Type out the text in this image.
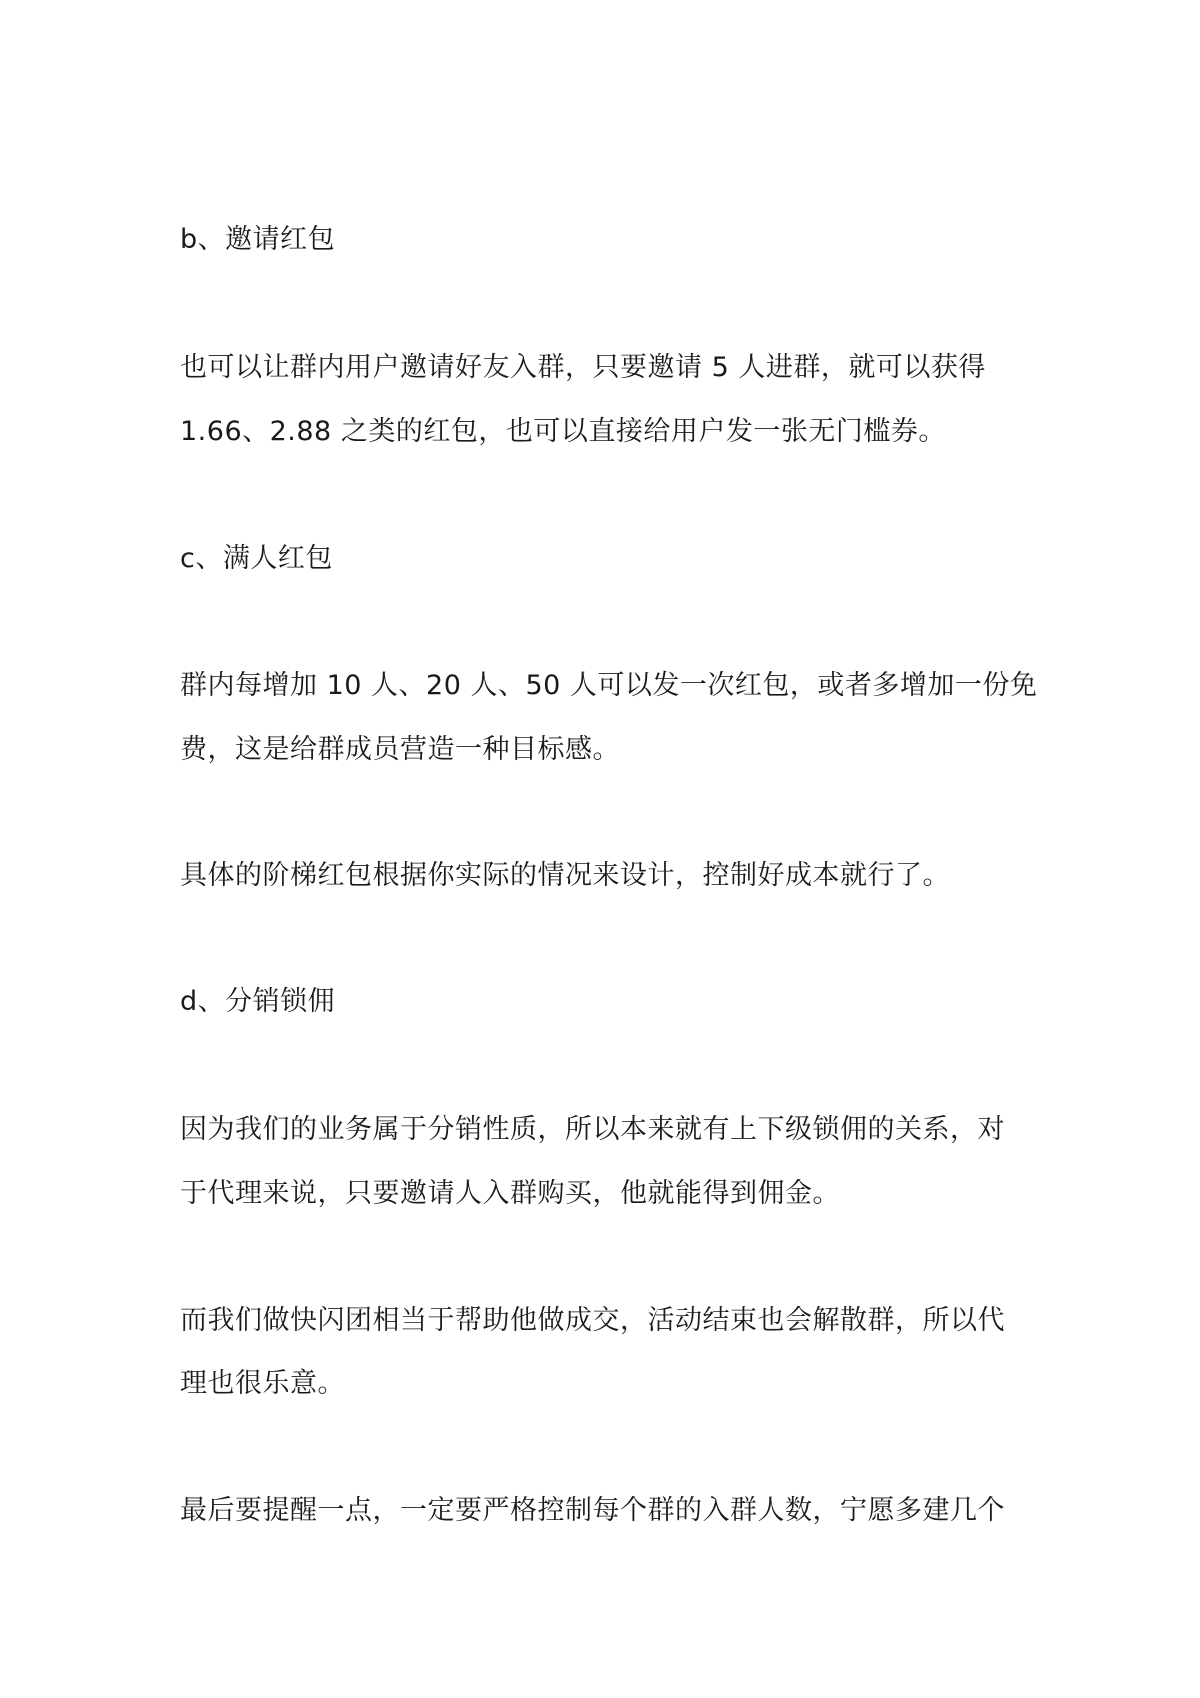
b、邀请红包
也可以让群内用户邀请好友入群，只要邀请 5 人进群，就可以获得
1.66、2.88 之类的红包，也可以直接给用户发一张无门槛券。
c、满人红包
群内每增加 10 人、20 人、50 人可以发一次红包，或者多增加一份免
费，这是给群成员营造一种目标感。
具体的阶梯红包根据你实际的情况来设计，控制好成本就行了。
d、分销锁佣
因为我们的业务属于分销性质，所以本来就有上下级锁佣的关系，对
于代理来说，只要邀请人入群购买，他就能得到佣金。
而我们做快闪团相当于帮助他做成交，活动结束也会解散群，所以代
理也很乐意。
最后要提醒一点，一定要严格控制每个群的入群人数，宁愿多建几个
